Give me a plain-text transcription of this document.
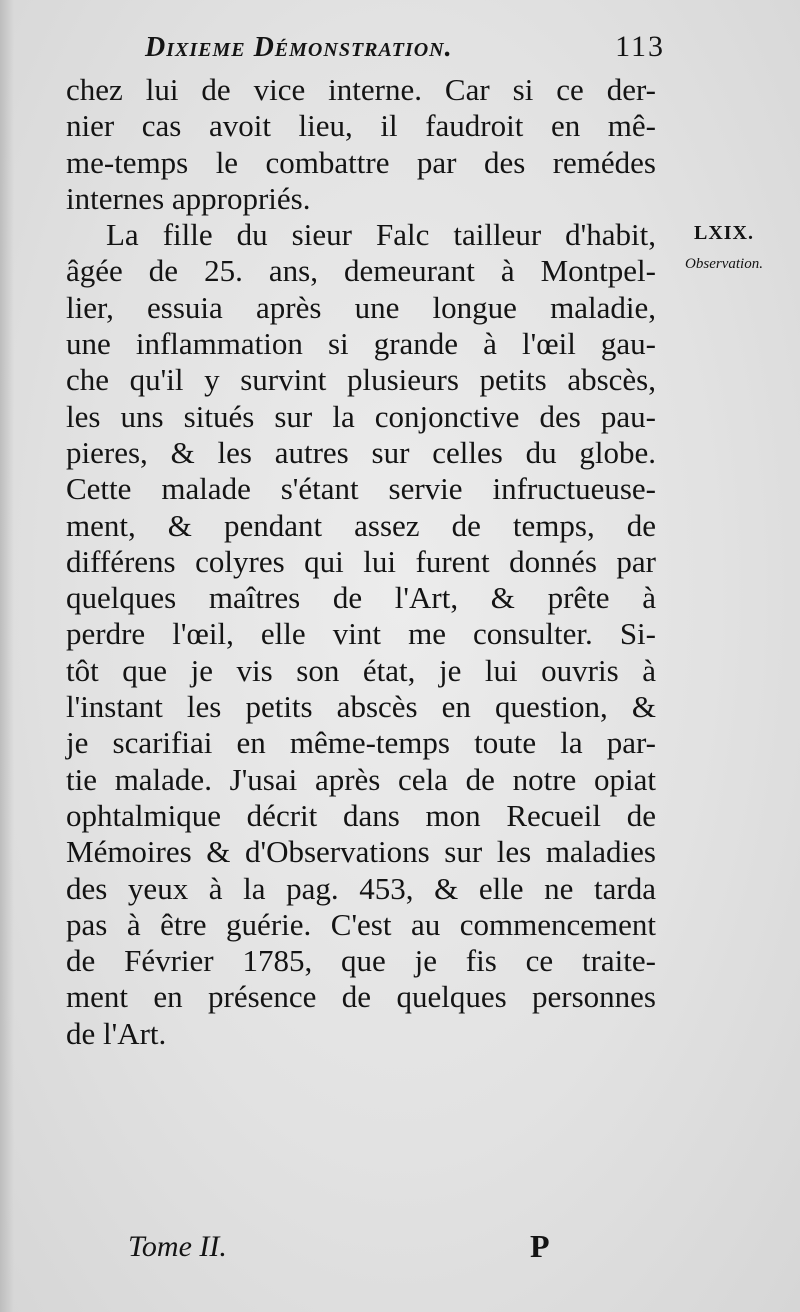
Dixieme Démonstration.	113
LXIX.
Observation.
chez lui de vice interne. Car si ce der-
nier cas avoit lieu, il faudroit en mê-
me-temps le combattre par des remédes
internes appropriés.
La fille du sieur Falc tailleur d'habit,
âgée de 25. ans, demeurant à Montpel-
lier, essuia après une longue maladie,
une inflammation si grande à l'œil gau-
che qu'il y survint plusieurs petits abscès,
les uns situés sur la conjonctive des pau-
pieres, & les autres sur celles du globe.
Cette malade s'étant servie infructueuse-
ment, & pendant assez de temps, de
différens colyres qui lui furent donnés par
quelques maîtres de l'Art, & prête à
perdre l'œil, elle vint me consulter. Si-
tôt que je vis son état, je lui ouvris à
l'instant les petits abscès en question, &
je scarifiai en même-temps toute la par-
tie malade. J'usai après cela de notre opiat
ophtalmique décrit dans mon Recueil de
Mémoires & d'Observations sur les maladies
des yeux à la pag. 453, & elle ne tarda
pas à être guérie. C'est au commencement
de Février 1785, que je fis ce traite-
ment en présence de quelques personnes
de l'Art.
Tome II.	P
